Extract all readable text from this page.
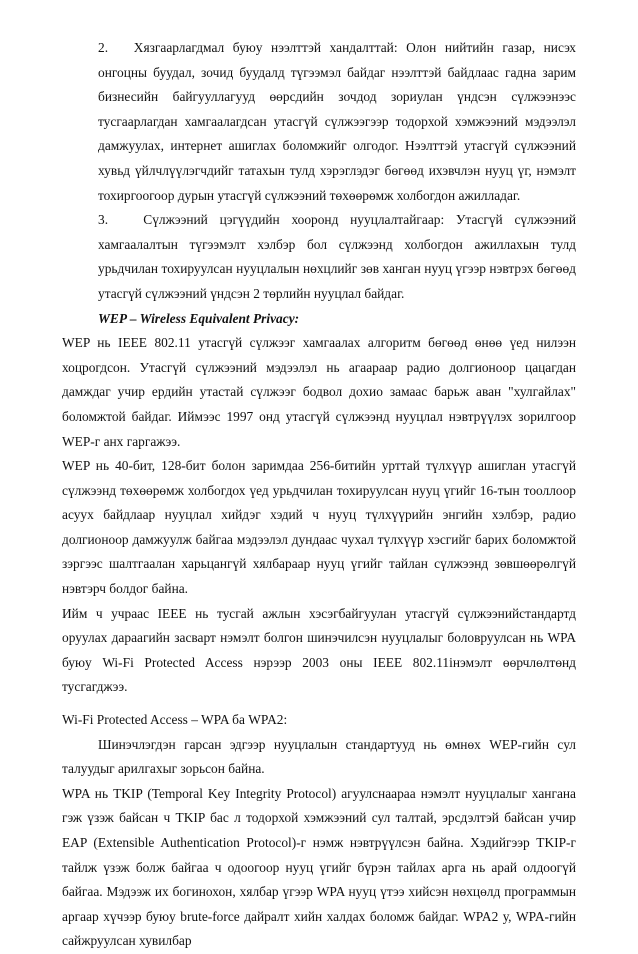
2. Хязгаарлагдмал буюу нээлттэй хандалттай: Олон нийтийн газар, нисэх онгоцны буудал, зочид буудалд түгээмэл байдаг нээлттэй байдлаас гадна зарим бизнесийн байгууллагууд өөрсдийн зочдод зориулан үндсэн сүлжээнээс тусгаарлагдан хамгаалагдсан утасгүй сүлжээгээр тодорхой хэмжээний мэдээлэл дамжуулах, интернет ашиглах боломжийг олгодог. Нээлттэй утасгүй сүлжээний хувьд үйлчлүүлэгчдийг татахын тулд хэрэглэдэг бөгөөд ихэвчлэн нууц үг, нэмэлт тохиргоогоор дурын утасгүй сүлжээний төхөөрөмж холбогдон ажилладаг.

3.	Сүлжээний цэгүүдийн хооронд нууцлалтайгаар: Утасгүй сүлжээний хамгаалалтын түгээмэлт хэлбэр бол сүлжээнд холбогдон ажиллахын тулд урьдчилан тохируулсан нууцлалын нөхцлийг зөв ханган нууц үгээр нэвтрэх бөгөөд утасгүй сүлжээний үндсэн 2 төрлийн нууцлал байдаг.

WEP – Wireless Equivalent Privacy:

WEP нь IEEE 802.11 утасгүй сүлжээг хамгаалах алгоритм бөгөөд өнөө үед нилээн хоцрогдсон. Утасгүй сүлжээний мэдээлэл нь агаараар радио долгионоор цацагдан дамждаг учир ердийн утастай сүлжээг бодвол дохио замаас барьж аван "хулгайлах" боломжтой байдаг. Иймээс 1997 онд утасгүй сүлжээнд нууцлал нэвтрүүлэх зорилгоор WEP-г анх гаргажээ.

WEP нь 40-бит, 128-бит болон заримдаа 256-битийн урттай түлхүүр ашиглан утасгүй сүлжээнд төхөөрөмж холбогдох үед урьдчилан тохируулсан нууц үгийг 16-тын тооллоор асуух байдлаар нууцлал хийдэг хэдий ч нууц түлхүүрийн энгийн хэлбэр, радио долгионоор дамжуулж байгаа мэдээлэл дундаас чухал түлхүүр хэсгийг барих боломжтой зэргээс шалтгаалан харьцангүй хялбараар нууц үгийг тайлан сүлжээнд зөвшөөрөлгүй нэвтэрч болдог байна.

Ийм ч учраас IEEE нь тусгай ажлын хэсэгбайгуулан утасгүй сүлжээнийстандартд оруулах дараагийн засварт нэмэлт болгон шинэчилсэн нууцлалыг боловруулсан нь WPA буюу Wi-Fi Protected Access нэрээр 2003 оны IEEE 802.11інэмэлт өөрчлөлтөнд тусгагджээ.

Wi-Fi Protected Access – WPA ба WPA2:

Шинэчлэгдэн гарсан эдгээр нууцлалын стандартууд нь өмнөх WEP-гийн сул талуудыг арилгахыг зорьсон байна.

WPA нь TKIP (Temporal Key Integrity Protocol) агуулснаараа нэмэлт нууцлалыг хангана гэж үзэж байсан ч TKIP бас л тодорхой хэмжээний сул талтай, эрсдэлтэй байсан учир EAP (Extensible Authentication Protocol)-г нэмж нэвтрүүлсэн байна. Хэдийгээр TKIP-г тайлж үзэж болж байгаа ч одоогоор нууц үгийг бүрэн тайлах арга нь арай олдоогүй байгаа. Мэдээж их богинохон, хялбар үгээр WPA нууц үтээ хийсэн нөхцөлд программын аргаар хүчээр буюу brute-force дайралт хийн халдах боломж байдаг. WPA2 у, WPA-гийн сайжруулсан хувилбар
